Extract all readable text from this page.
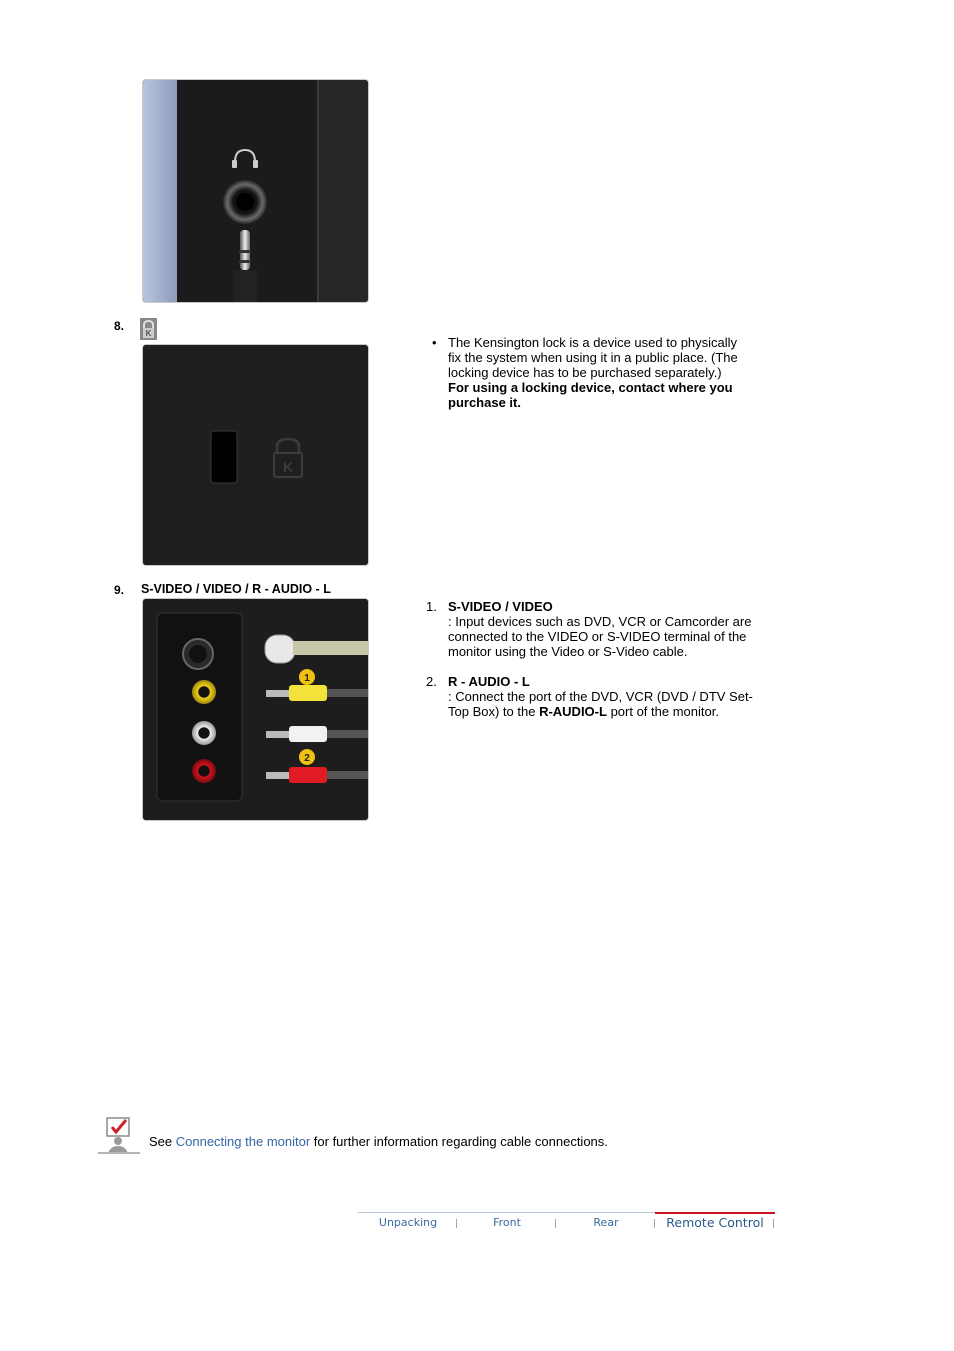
8.
K
K
• The Kensington lock is a device used to physically fix the system when using it in a public place. (The locking device has to be purchased separately.)
For using a locking device, contact where you purchase it.
9. S-VIDEO / VIDEO / R - AUDIO - L
1
2
1. S-VIDEO / VIDEO
: Input devices such as DVD, VCR or Camcorder are connected to the VIDEO or S-VIDEO terminal of the monitor using the Video or S-Video cable.
2. R - AUDIO - L
: Connect the port of the DVD, VCR (DVD / DTV Set-Top Box) to the R-AUDIO-L port of the monitor.
See Connecting the monitor for further information regarding cable connections.
Unpacking	Front	Rear	Remote Control
